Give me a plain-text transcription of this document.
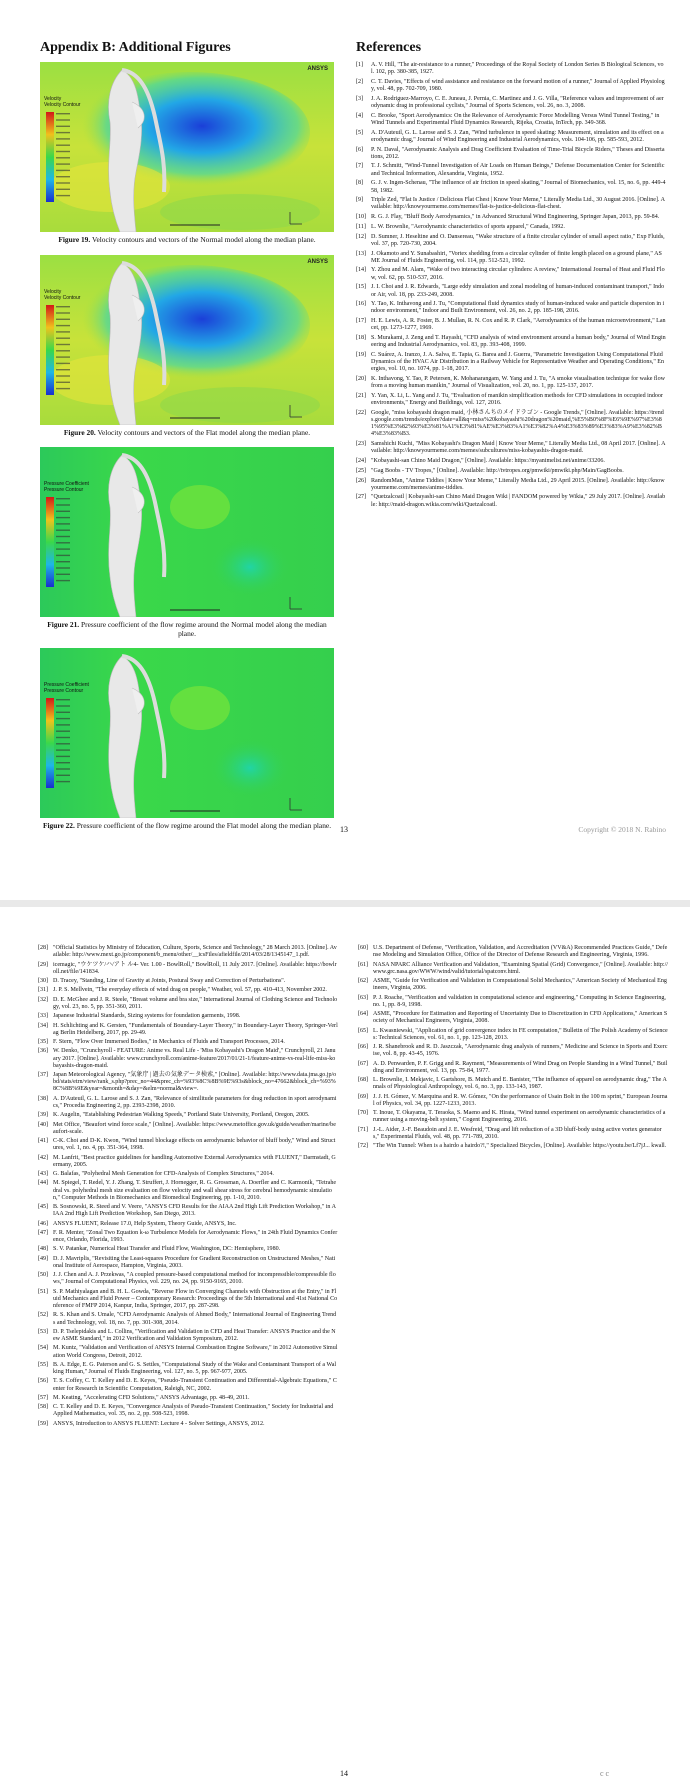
Appendix B: Additional Figures
Velocity
Velocity Contour
ANSYS
Figure 19. Velocity contours and vectors of the Normal model along the median plane.
Velocity
Velocity Contour
ANSYS
Figure 20. Velocity contours and vectors of the Flat model along the median plane.
Pressure Coefficient
Pressure Contour
Figure 21. Pressure coefficient of the flow regime around the Normal model along the median plane.
Pressure Coefficient
Pressure Contour
Figure 22. Pressure coefficient of the flow regime around the Flat model along the median plane.
References
[1]	A. V. Hill, "The air-resistance to a runner," Proceedings of the Royal Society of London Series B Biological Sciences, vol. 102, pp. 380-385, 1927.
[2]	C. T. Davies, "Effects of wind assistance and resistance on the forward motion of a runner," Journal of Applied Physiology, vol. 48, pp. 702-709, 1980.
[3]	J. A. Rodriguez-Marroyo, C. E. Juneau, J. Pernia, C. Martinez and J. G. Villa, "Reference values and improvement of aerodynamic drag in professional cyclists," Journal of Sports Sciences, vol. 26, no. 3, 2008.
[4]	C. Brooke, "Sport Aerodynamics: On the Relevance of Aerodynamic Force Modelling Versus Wind Tunnel Testing," in Wind Tunnels and Experimental Fluid Dynamics Research, Rijeka, Croatia, InTech, pp. 349-368.
[5]	A. D'Auteuil, G. L. Larose and S. J. Zan, "Wind turbulence in speed skating: Measurement, simulation and its effect on aerodynamic drag," Journal of Wind Engineering and Industrial Aerodynamics, vols. 104-106, pp. 585-593, 2012.
[6]	P. N. Daval, "Aerodynamic Analysis and Drag Coefficient Evaluation of Time-Trial Bicycle Riders," Theses and Dissertations, 2012.
[7]	T. J. Schmitt, "Wind-Tunnel Investigation of Air Loads on Human Beings," Defense Documentation Center for Scientific and Technical Information, Alexandria, Virginia, 1952.
[8]	G. J. v. Ingen-Schenau, "The influence of air friction in speed skating," Journal of Biomechanics, vol. 15, no. 6, pp. 449-458, 1982.
[9]	Triple Zed, "Flat Is Justice / Delicious Flat Chest | Know Your Meme," Literally Media Ltd., 30 August 2016. [Online]. Available: http://knowyourmeme.com/memes/flat-is-justice-delicious-flat-chest.
[10] R. G. J. Flay, "Bluff Body Aerodynamics," in Advanced Structural Wind Engineering, Springer Japan, 2013, pp. 59-84.
[11] L. W. Brownlie, "Aerodynamic characteristics of sports apparel," Canada, 1992.
[12] D. Sumner, J. Heseltine and O. Dansereau, "Wake structure of a finite circular cylinder of small aspect ratio," Exp Fluids, vol. 37, pp. 720-730, 2004.
[13] J. Okamoto and Y. Sunabashiri, "Vortex shedding from a circular cylinder of finite length placed on a ground plane," ASME Journal of Fluids Engineering, vol. 114, pp. 512-521, 1992.
[14] Y. Zhou and M. Alam, "Wake of two interacting circular cylinders: A review," International Journal of Heat and Fluid Flow, vol. 62, pp. 510-537, 2016.
[15] J. I. Choi and J. R. Edwards, "Large eddy simulation and zonal modeling of human-induced contaminant transport," Indoor Air, vol. 18, pp. 233-249, 2008.
[16] Y. Tao, K. Inthavong and J. Tu, "Computational fluid dynamics study of human-induced wake and particle dispersion in indoor environment," Indoor and Built Environment, vol. 26, no. 2, pp. 185-198, 2016.
[17] H. E. Lewis, A. R. Foster, B. J. Mullan, R. N. Cox and R. P. Clark, "Aerodynamics of the human microenvironment," Lancet, pp. 1273-1277, 1969.
[18] S. Murakami, J. Zeng and T. Hayashi, "CFD analysis of wind environment around a human body," Journal of Wind Engineering and Industrial Aerodynamics, vol. 83, pp. 393-408, 1999.
[19] C. Suárez, A. Iranzo, J. A. Salva, E. Tapia, G. Barea and J. Guerra, "Parametric Investigation Using Computational Fluid Dynamics of the HVAC Air Distribution in a Railway Vehicle for Representative Weather and Operating Conditions," Energies, vol. 10, no. 1074, pp. 1-18, 2017.
[20] K. Inthavong, Y. Tao, P. Petersen, K. Mohanarangam, W. Yang and J. Tu, "A smoke visualisation technique for wake flow from a moving human manikin," Journal of Visualization, vol. 20, no. 1, pp. 125-137, 2017.
[21] Y. Yan, X. Li, L. Yang and J. Tu, "Evaluation of manikin simplification methods for CFD simulations in occupied indoor environments," Energy and Buildings, vol. 127, 2016.
[22] Google, "miss kobayashi dragon maid, 小林さんちのメイドラゴン - Google Trends," [Online]. Available: https://trends.google.com/trends/explore?date=all&q=miss%20kobayashi%20dragon%20maid,%E5%B0%8F%E6%9E%97%E3%81%95%E3%82%93%E3%81%A1%E3%81%AE%E3%83%A1%E3%82%A4%E3%83%89%E3%83%A9%E3%82%B4%E3%83%B3.
[23] Samshichi Kuchi, "Miss Kobayashi's Dragon Maid | Know Your Meme," Literally Media Ltd., 08 April 2017. [Online]. Available: http://knowyourmeme.com/memes/subcultures/miss-kobayashis-dragon-maid.
[24] "Kobayashi-san Chino Maid Dragon," [Online]. Available: https://myanimelist.net/anime/33206.
[25] "Gag Boobs - TV Tropes," [Online]. Available: http://tvtropes.org/pmwiki/pmwiki.php/Main/GagBoobs.
[26] RandomMan, "Anime Tiddies | Know Your Meme," Literally Media Ltd., 29 April 2015. [Online]. Available: http://knowyourmeme.com/memes/anime-tiddies.
[27] "Quetzalcoatl | Kobayashi-san Chino Maid Dragon Wiki | FANDOM powered by Wikia," 29 July 2017. [Online]. Available: http://maid-dragon.wikia.com/wiki/Quetzalcoatl.
13	Copyright © 2018 N. Rabino
[28] "Official Statistics by Ministry of Education, Culture, Sports, Science and Technology," 28 March 2013. [Online]. Available: http://www.mext.go.jp/component/b_menu/other/__icsFiles/afieldfile/2014/03/28/1345147_1.pdf.
[29] icemagic, "ウケツケ/ハ/アト ル4- Ver. 1.00 - BowlRoll," BowlRoll, 11 July 2017. [Online]. Available: https://bowlroll.net/file/141834.
[30] D. Tracey, "Standing, Line of Gravity at Joints, Postural Sway and Correction of Perturbations".
[31] J. P. S. Mellvein, "The everyday effects of wind drag on people," Weather, vol. 57, pp. 410-413, November 2002.
[32] D. E. McGhee and J. R. Steele, "Breast volume and bra size," International Journal of Clothing Science and Technology, vol. 23, no. 5, pp. 351-360, 2011.
[33] Japanese Industrial Standards, Sizing systems for foundation garments, 1998.
[34] H. Schlichting and K. Gersten, "Fundamentals of Boundary-Layer Theory," in Boundary-Layer Theory, Springer-Verlag Berlin Heidelberg, 2017, pp. 29-49.
[35] F. Stern, "Flow Over Immersed Bodies," in Mechanics of Fluids and Transport Processes, 2014.
[36] W. Denko, "Crunchyroll - FEATURE: Anime vs. Real Life - 'Miss Kobayashi's Dragon Maid'," Crunchyroll, 21 January 2017. [Online]. Available: www.crunchyroll.com/anime-feature/2017/01/21-1/feature-anime-vs-real-life-miss-kobayashis-dragon-maid.
[37] Japan Meteorological Agency, "気象庁 | 過去の気象データ検索," [Online]. Available: http://www.data.jma.go.jp/obd/stats/etrn/view/rank_s.php?prec_no=44&prec_ch=%93%8C%8B%9E%93s&block_no=47662&block_ch=%93%8C%8B%9E&year=&month=&day=&elm=normal&view=.
[38] A. D'Auteuil, G. L. Larose and S. J. Zan, "Relevance of similitude parameters for drag reduction in sport aerodynamics," Procedia Engineering 2, pp. 2393-2398, 2010.
[39] K. Augelin, "Establishing Pedestrian Walking Speeds," Portland State University, Portland, Oregon, 2005.
[40] Met Office, "Beaufort wind force scale," [Online]. Available: https://www.metoffice.gov.uk/guide/weather/marine/beaufort-scale.
[41] C-K. Choi and D-K. Kwon, "Wind tunnel blockage effects on aerodynamic behavior of bluff body," Wind and Structures, vol. 1, no. 4, pp. 351-364, 1998.
[42] M. Lanfrit, "Best practice guidelines for handling Automotive External Aerodynamics with FLUENT," Darmstadt, Germany, 2005.
[43] G. Balafas, "Polyhedral Mesh Generation for CFD-Analysis of Complex Structures," 2014.
[44] M. Spiegel, T. Redel, Y. J. Zhang, T. Struffert, J. Hornegger, R. G. Grossman, A. Doerfler and C. Karmonik, "Tetrahedral vs. polyhedral mesh size evaluation on flow velocity and wall shear stress for cerebral hemodynamic simulation," Computer Methods in Biomechanics and Biomedical Engineering, pp. 1-10, 2010.
[45] B. Sosnowski, R. Steed and V. Veere, "ANSYS CFD Results for the AIAA 2nd High Lift Prediction Workshop," in AIAA 2nd High Lift Prediction Workshop, San Diego, 2013.
[46] ANSYS FLUENT, Release 17.0, Help System, Theory Guide, ANSYS, Inc.
[47] F. R. Menter, "Zonal Two Equation k-ω Turbulence Models for Aerodynamic Flows," in 24th Fluid Dynamics Conference, Orlando, Florida, 1993.
[48] S. V. Patankar, Numerical Heat Transfer and Fluid Flow, Washington, DC: Hemisphere, 1980.
[49] D. J. Mavriplis, "Revisiting the Least-squares Procedure for Gradient Reconstruction on Unstructured Meshes," National Institute of Aerospace, Hampton, Virginia, 2003.
[50] J. J. Chen and A. J. Przekwas, "A coupled pressure-based computational method for incompressible/compressible flows," Journal of Computational Physics, vol. 229, no. 24, pp. 9150-9165, 2010.
[51] S. P. Mathiyalagan and B. H. L. Gowda, "Reverse Flow in Converging Channels with Obstruction at the Entry," in Fluid Mechanics and Fluid Power – Contemporary Research: Proceedings of the 5th International and 41st National Conference of FMFP 2014, Kanpur, India, Springer, 2017, pp. 287-298.
[52] R. S. Khan and S. Umale, "CFD Aerodynamic Analysis of Ahmed Body," International Journal of Engineering Trends and Technology, vol. 18, no. 7, pp. 301-308, 2014.
[53] D. P. Tselepidakis and L. Collins, "Verification and Validation in CFD and Heat Transfer: ANSYS Practice and the New ASME Standard," in 2012 Verification and Validation Symposium, 2012.
[54] M. Kuntz, "Validation and Verification of ANSYS Internal Combustion Engine Software," in 2012 Automotive Simulation World Congress, Detroit, 2012.
[55] B. A. Edge, E. G. Paterson and G. S. Settles, "Computational Study of the Wake and Contaminant Transport of a Walking Human," Journal of Fluids Engineering, vol. 127, no. 5, pp. 967-977, 2005.
[56] T. S. Coffey, C. T. Kelley and D. E. Keyes, "Pseudo-Transient Continuation and Differential-Algebraic Equations," Center for Research in Scientific Computation, Raleigh, NC, 2002.
[57] M. Keating, "Accelerating CFD Solutions," ANSYS Advantage, pp. 48-49, 2011.
[58] C. T. Kelley and D. E. Keyes, "Convergence Analysis of Pseudo-Transient Continuation," Society for Industrial and Applied Mathematics, vol. 35, no. 2, pp. 508-523, 1998.
[59] ANSYS, Introduction to ANSYS FLUENT: Lecture 4 - Solver Settings, ANSYS, 2012.
[60] U.S. Department of Defense, "Verification, Validation, and Accreditation (VV&A) Recommended Practices Guide," Defense Modeling and Simulation Office, Office of the Director of Defense Research and Engineering, Virginia, 1996.
[61] NASA NPARC Alliance Verification and Validation, "Examining Spatial (Grid) Convergence," [Online]. Available: http://www.grc.nasa.gov/WWW/wind/valid/tutorial/spatconv.html.
[62] ASME, "Guide for Verification and Validation in Computational Solid Mechanics," American Society of Mechanical Engineers, Virginia, 2006.
[63] P. J. Roache, "Verification and validation in computational science and engineering," Computing in Science Engineering, no. 1, pp. 8-9, 1998.
[64] ASME, "Procedure for Estimation and Reporting of Uncertainty Due to Discretization in CFD Applications," American Society of Mechanical Engineers, Virginia, 2008.
[65] L. Kwasniewski, "Application of grid convergence index in FE computation," Bulletin of The Polish Academy of Sciences: Technical Sciences, vol. 61, no. 1, pp. 123-128, 2013.
[66] J. R. Shanebrook and R. D. Jaszczak, "Aerodynamic drag analysis of runners," Medicine and Science in Sports and Exercise, vol. 8, pp. 43-45, 1976.
[67] A. D. Penwarden, P. F. Grigg and R. Rayment, "Measurements of Wind Drag on People Standing in a Wind Tunnel," Building and Environment, vol. 13, pp. 75-84, 1977.
[68] L. Brownlie, I. Mekjavic, I. Gartshore, B. Mutch and E. Banister, "The influence of apparel on aerodynamic drag," The Annals of Physiological Anthropology, vol. 6, no. 3, pp. 133-143, 1987.
[69] J. J. H. Gómez, V. Marquina and R. W. Gómez, "On the performance of Usain Bolt in the 100 m sprint," European Journal of Physics, vol. 34, pp. 1227-1233, 2013.
[70] T. Inoue, T. Okayama, T. Teraoka, S. Maeno and K. Hirata, "Wind tunnel experiment on aerodynamic characteristics of a runner using a moving-belt system," Cogent Engineering, 2016.
[71] J.-L. Aider, J.-F. Beaudoin and J. E. Wesfreid, "Drag and lift reduction of a 3D bluff-body using active vortex generators," Experimental Fluids, vol. 48, pp. 771-789, 2010.
[72] "The Win Tunnel: When is a hairdo a hairdo?!," Specialized Bicycles, [Online]. Available: https://youtu.be/Lf7jJ... kwall.
14	c c
